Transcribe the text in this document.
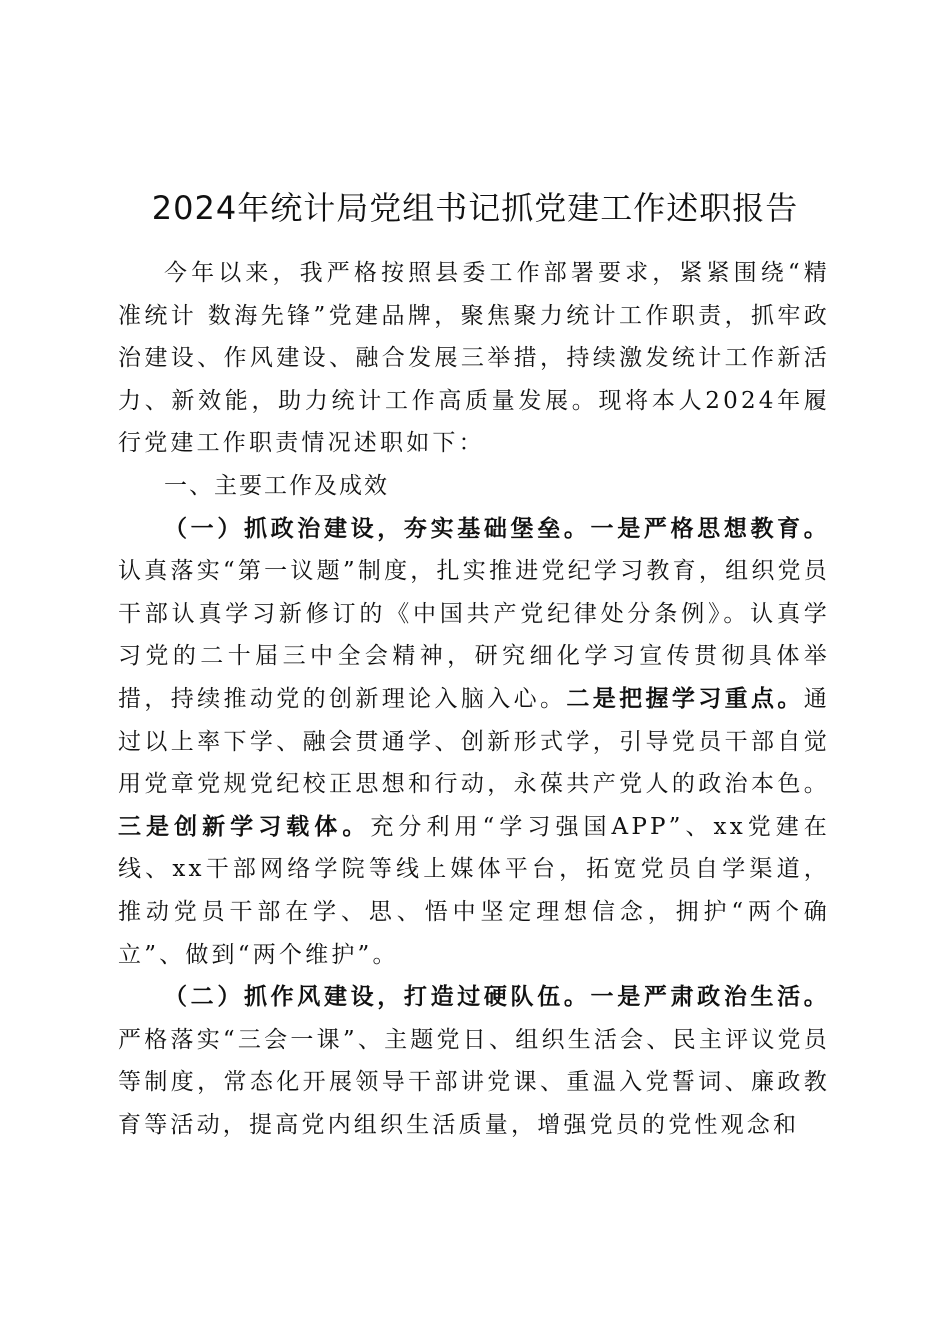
2024年统计局党组书记抓党建工作述职报告

今年以来，我严格按照县委工作部署要求，紧紧围绕“精准统计 数海先锋”党建品牌，聚焦聚力统计工作职责，抓牢政治建设、作风建设、融合发展三举措，持续激发统计工作新活力、新效能，助力统计工作高质量发展。现将本人2024年履行党建工作职责情况述职如下：

一、主要工作及成效

（一）抓政治建设，夯实基础堡垒。一是严格思想教育。认真落实“第一议题”制度，扎实推进党纪学习教育，组织党员干部认真学习新修订的《中国共产党纪律处分条例》。认真学习党的二十届三中全会精神，研究细化学习宣传贯彻具体举措，持续推动党的创新理论入脑入心。二是把握学习重点。通过以上率下学、融会贯通学、创新形式学，引导党员干部自觉用党章党规党纪校正思想和行动，永葆共产党人的政治本色。三是创新学习载体。充分利用“学习强国APP”、xx党建在线、xx干部网络学院等线上媒体平台，拓宽党员自学渠道，推动党员干部在学、思、悟中坚定理想信念，拥护“两个确立”、做到“两个维护”。

（二）抓作风建设，打造过硬队伍。一是严肃政治生活。严格落实“三会一课”、主题党日、组织生活会、民主评议党员等制度，常态化开展领导干部讲党课、重温入党誓词、廉政教育等活动，提高党内组织生活质量，增强党员的党性观念和
